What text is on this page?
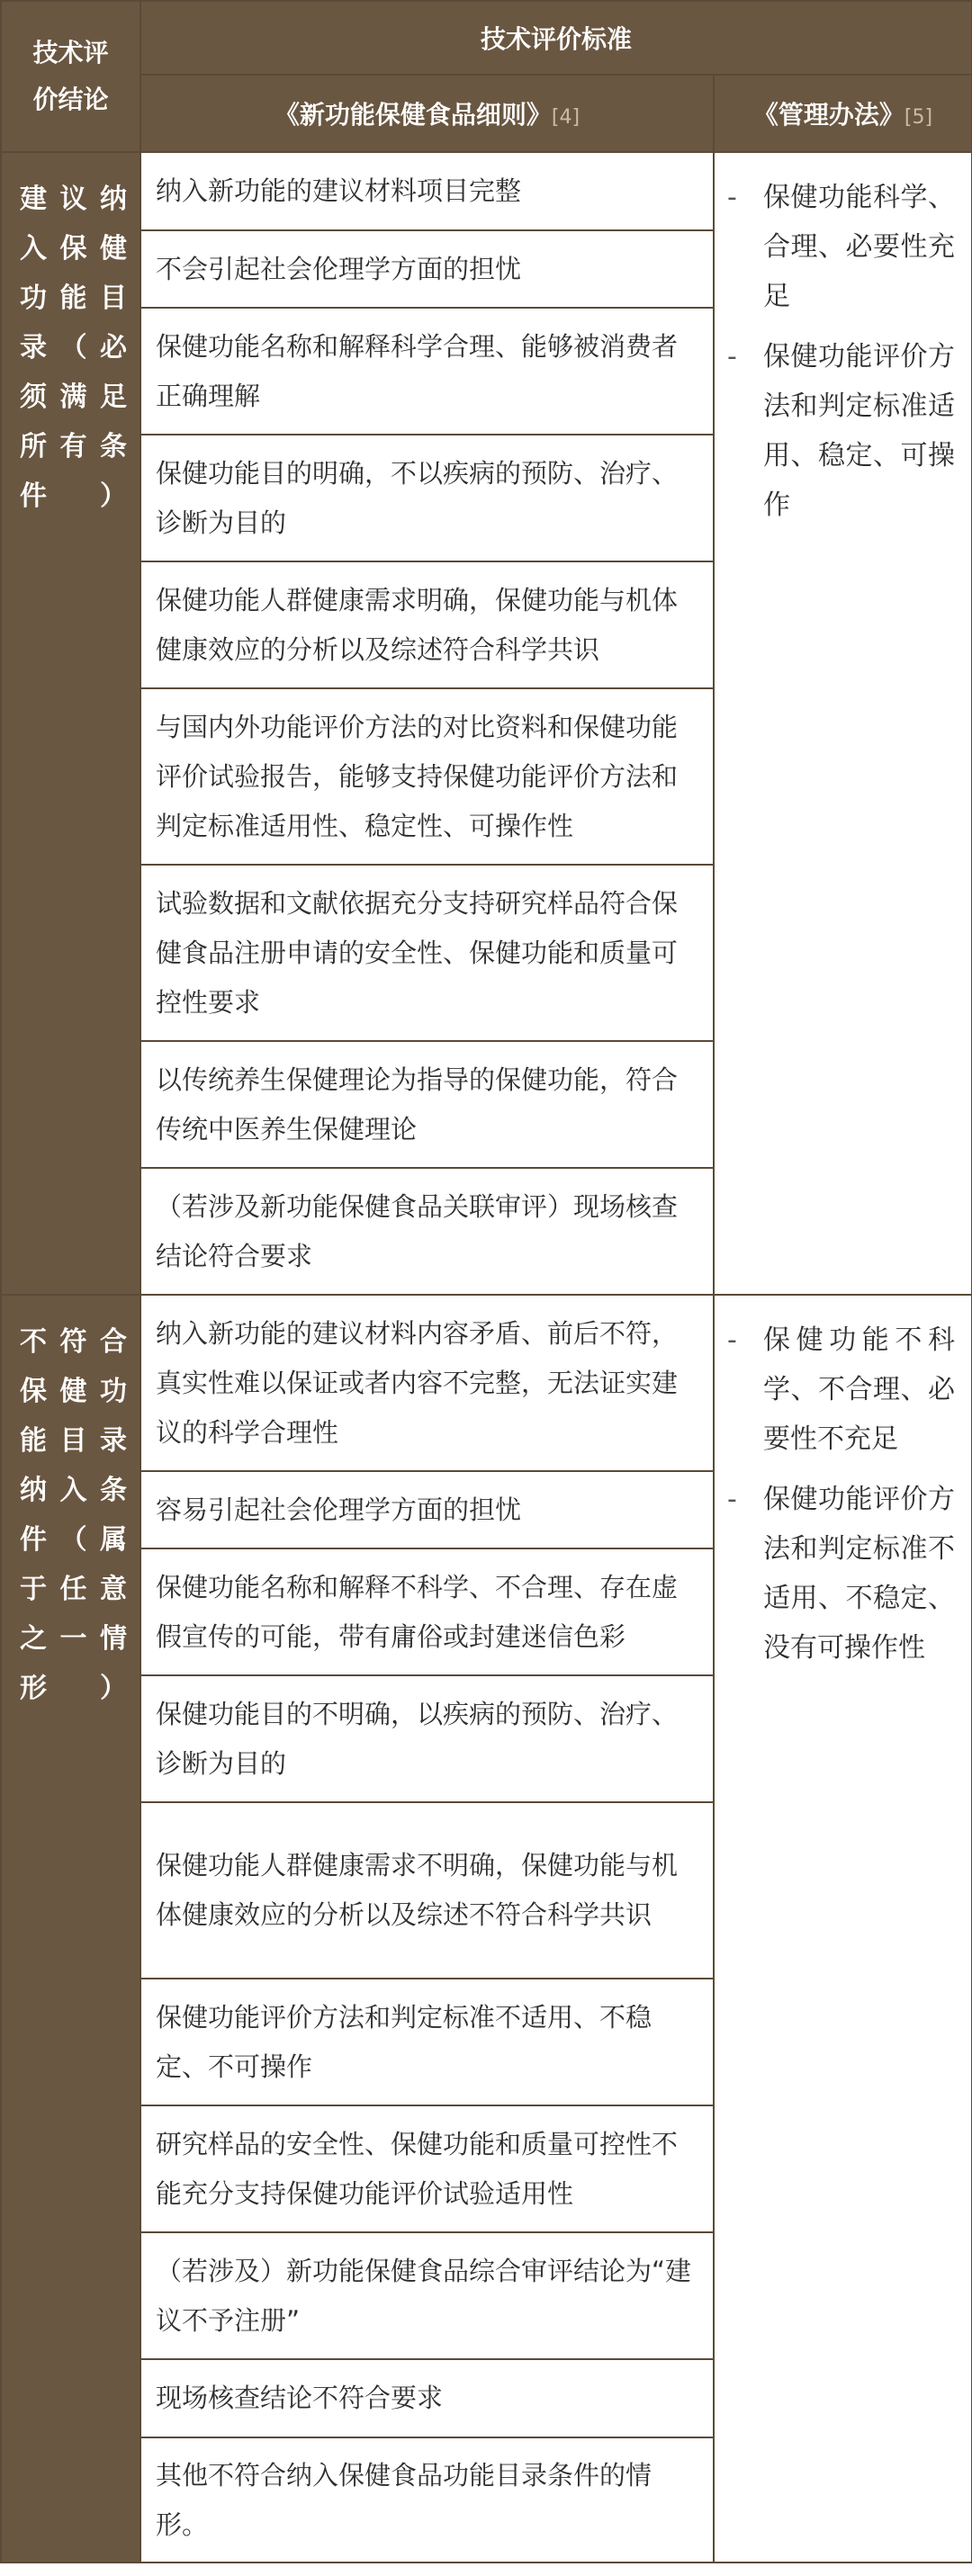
技术评价结论	技术评价标准	
	《新功能保健食品细则》[4]	《管理办法》[5]

建议纳入保健功能目录（必须满足所有条件）	纳入新功能的建议材料项目完整	- 保健功能科学、合理、必要性充足
- 保健功能评价方法和判定标准适用、稳定、可操作

	不会引起社会伦理学方面的担忧	
	保健功能名称和解释科学合理、能够被消费者正确理解	
	保健功能目的明确，不以疾病的预防、治疗、诊断为目的	
	保健功能人群健康需求明确，保健功能与机体健康效应的分析以及综述符合科学共识	
	与国内外功能评价方法的对比资料和保健功能评价试验报告，能够支持保健功能评价方法和判定标准适用性、稳定性、可操作性	
	试验数据和文献依据充分支持研究样品符合保健食品注册申请的安全性、保健功能和质量可控性要求	
	以传统养生保健理论为指导的保健功能，符合传统中医养生保健理论	
	（若涉及新功能保健食品关联审评）现场核查结论符合要求	

不符合保健功能目录纳入条件（属于任意之一情形）	纳入新功能的建议材料内容矛盾、前后不符，真实性难以保证或者内容不完整，无法证实建议的科学合理性	- 保健功能不科学、不合理、必要性不充足
- 保健功能评价方法和判定标准不适用、不稳定、没有可操作性

	容易引起社会伦理学方面的担忧	
	保健功能名称和解释不科学、不合理、存在虚假宣传的可能，带有庸俗或封建迷信色彩	
	保健功能目的不明确，以疾病的预防、治疗、诊断为目的	
	保健功能人群健康需求不明确，保健功能与机体健康效应的分析以及综述不符合科学共识	
	保健功能评价方法和判定标准不适用、不稳定、不可操作	
	研究样品的安全性、保健功能和质量可控性不能充分支持保健功能评价试验适用性	
	（若涉及）新功能保健食品综合审评结论为“建议不予注册”	
	现场核查结论不符合要求	
	其他不符合纳入保健食品功能目录条件的情形。	
